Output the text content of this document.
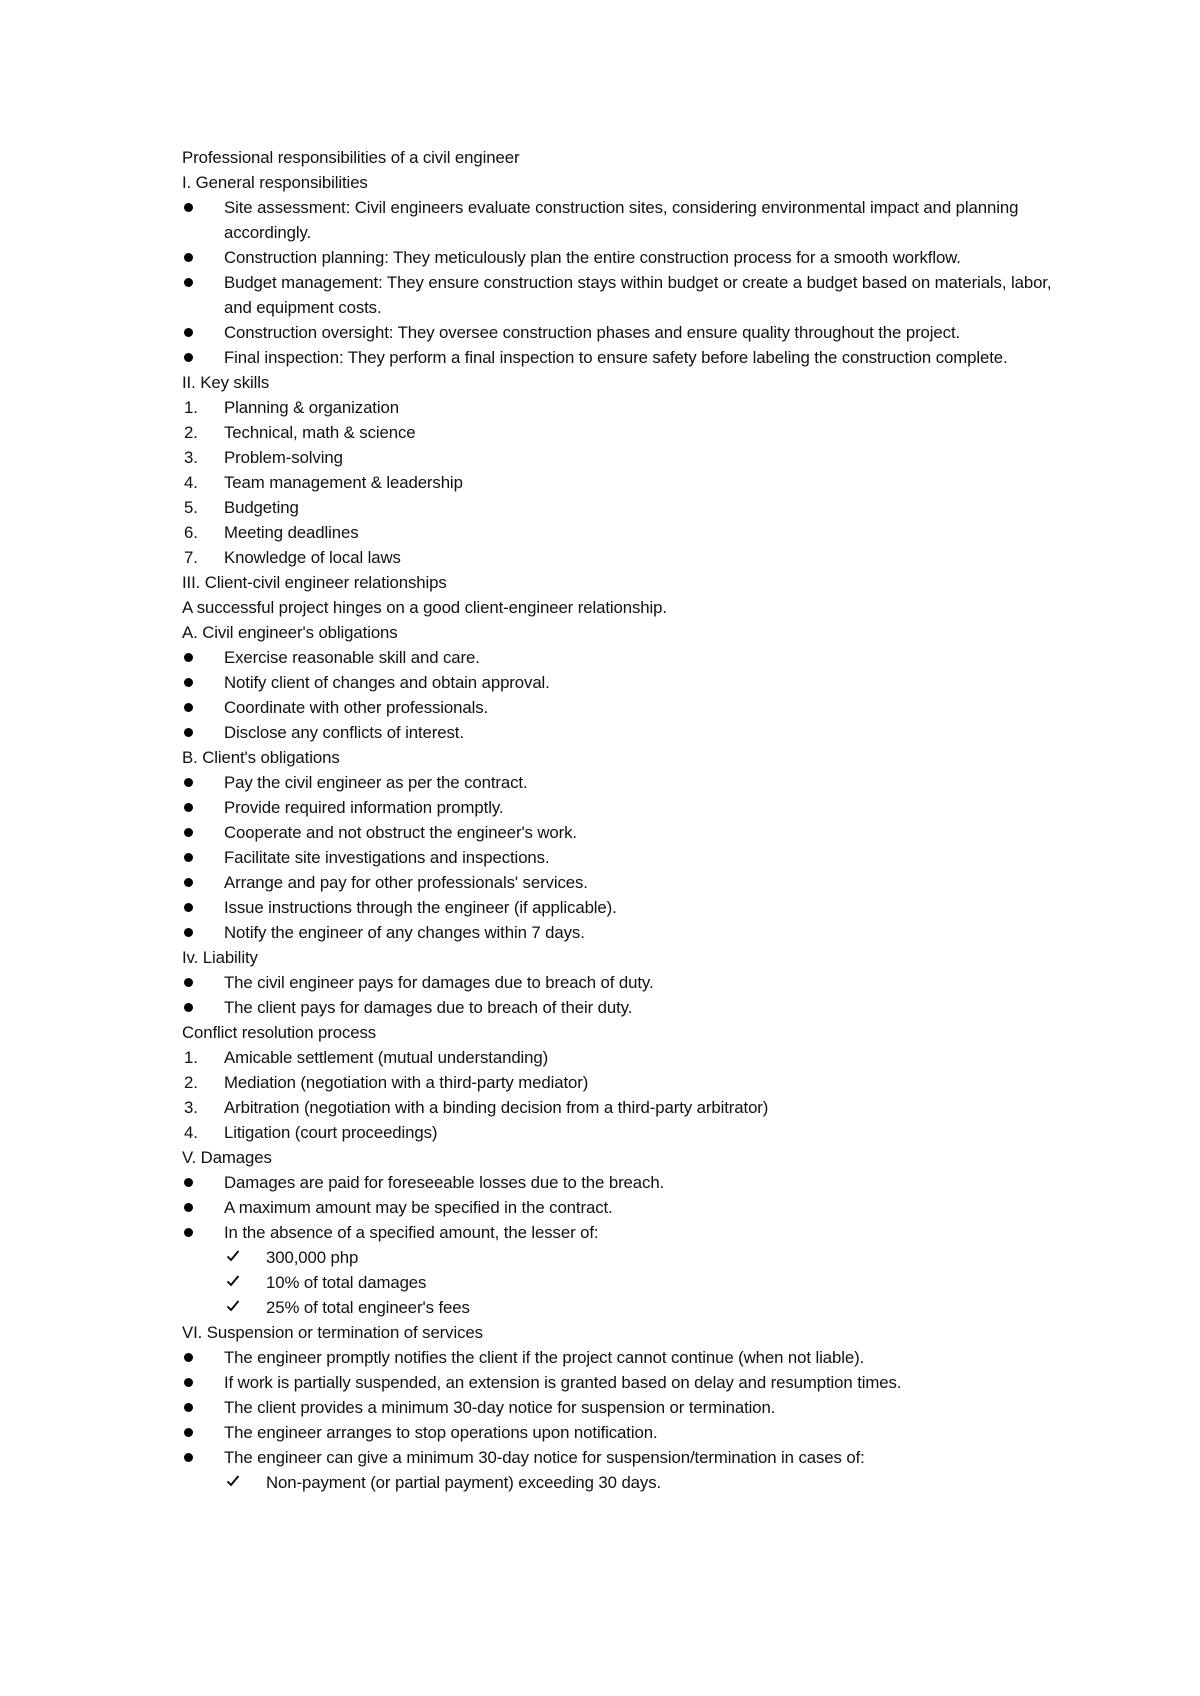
Professional responsibilities of a civil engineer

I. General responsibilities
Site assessment: Civil engineers evaluate construction sites, considering environmental impact and planning accordingly.
Construction planning: They meticulously plan the entire construction process for a smooth workflow.
Budget management: They ensure construction stays within budget or create a budget based on materials, labor, and equipment costs.
Construction oversight: They oversee construction phases and ensure quality throughout the project.
Final inspection: They perform a final inspection to ensure safety before labeling the construction complete.
II. Key skills
1. Planning & organization
2. Technical, math & science
3. Problem-solving
4. Team management & leadership
5. Budgeting
6. Meeting deadlines
7. Knowledge of local laws
III. Client-civil engineer relationships
A successful project hinges on a good client-engineer relationship.
A. Civil engineer's obligations
Exercise reasonable skill and care.
Notify client of changes and obtain approval.
Coordinate with other professionals.
Disclose any conflicts of interest.
B. Client's obligations
Pay the civil engineer as per the contract.
Provide required information promptly.
Cooperate and not obstruct the engineer's work.
Facilitate site investigations and inspections.
Arrange and pay for other professionals' services.
Issue instructions through the engineer (if applicable).
Notify the engineer of any changes within 7 days.
Iv. Liability
The civil engineer pays for damages due to breach of duty.
The client pays for damages due to breach of their duty.
Conflict resolution process
1. Amicable settlement (mutual understanding)
2. Mediation (negotiation with a third-party mediator)
3. Arbitration (negotiation with a binding decision from a third-party arbitrator)
4. Litigation (court proceedings)
V. Damages
Damages are paid for foreseeable losses due to the breach.
A maximum amount may be specified in the contract.
In the absence of a specified amount, the lesser of:
300,000 php
10% of total damages
25% of total engineer's fees
VI. Suspension or termination of services
The engineer promptly notifies the client if the project cannot continue (when not liable).
If work is partially suspended, an extension is granted based on delay and resumption times.
The client provides a minimum 30-day notice for suspension or termination.
The engineer arranges to stop operations upon notification.
The engineer can give a minimum 30-day notice for suspension/termination in cases of:
Non-payment (or partial payment) exceeding 30 days.
